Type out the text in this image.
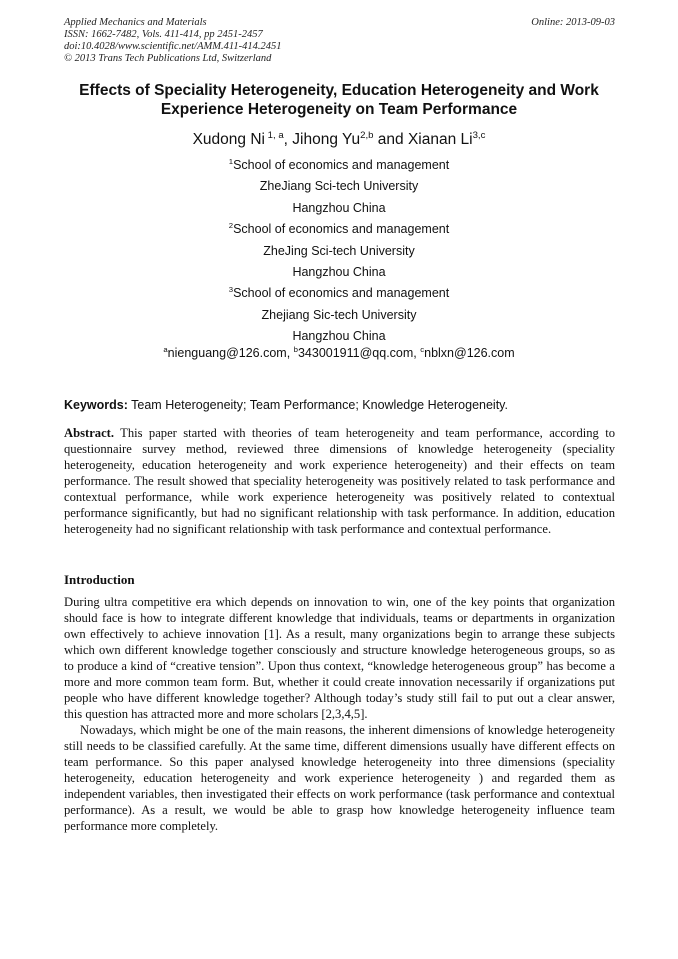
Applied Mechanics and Materials
ISSN: 1662-7482, Vols. 411-414, pp 2451-2457
doi:10.4028/www.scientific.net/AMM.411-414.2451
© 2013 Trans Tech Publications Ltd, Switzerland
Online: 2013-09-03
Effects of Speciality Heterogeneity, Education Heterogeneity and Work Experience Heterogeneity on Team Performance
Xudong Ni $^{1, a}$, Jihong Yu$^{2,b}$ and Xianan Li$^{3,c}$
$^1$School of economics and management
ZheJiang Sci-tech University
Hangzhou China
$^2$School of economics and management
ZheJing Sci-tech University
Hangzhou China
$^3$School of economics and management
Zhejiang Sic-tech University
Hangzhou China
$^a$nienguang@126.com, $^b$343001911@qq.com, $^c$nblxn@126.com
Keywords: Team Heterogeneity; Team Performance; Knowledge Heterogeneity.

Abstract. This paper started with theories of team heterogeneity and team performance, according to questionnaire survey method, reviewed three dimensions of knowledge heterogeneity (speciality heterogeneity, education heterogeneity and work experience heterogeneity) and their effects on team performance. The result showed that speciality heterogeneity was positively related to task performance and contextual performance, while work experience heterogeneity was positively related to contextual performance significantly, but had no significant relationship with task performance. In addition, education heterogeneity had no significant relationship with task performance and contextual performance.

Introduction

During ultra competitive era which depends on innovation to win, one of the key points that organization should face is how to integrate different knowledge that individuals, teams or departments in organization own effectively to achieve innovation [1]. As a result, many organizations begin to arrange these subjects which own different knowledge together consciously and structure knowledge heterogeneous groups, so as to produce a kind of “creative tension”. Upon thus context, “knowledge heterogeneous group” has become a more and more common team form. But, whether it could create innovation necessarily if organizations put people who have different knowledge together? Although today’s study still fail to put out a clear answer, this question has attracted more and more scholars [2,3,4,5].

Nowadays, which might be one of the main reasons, the inherent dimensions of knowledge heterogeneity still needs to be classified carefully. At the same time, different dimensions usually have different effects on team performance. So this paper analysed knowledge heterogeneity into three dimensions (speciality heterogeneity, education heterogeneity and work experience heterogeneity ) and regarded them as independent variables, then investigated their effects on work performance (task performance and contextual performance). As a result, we would be able to grasp how knowledge heterogeneity influence team performance more completely.
